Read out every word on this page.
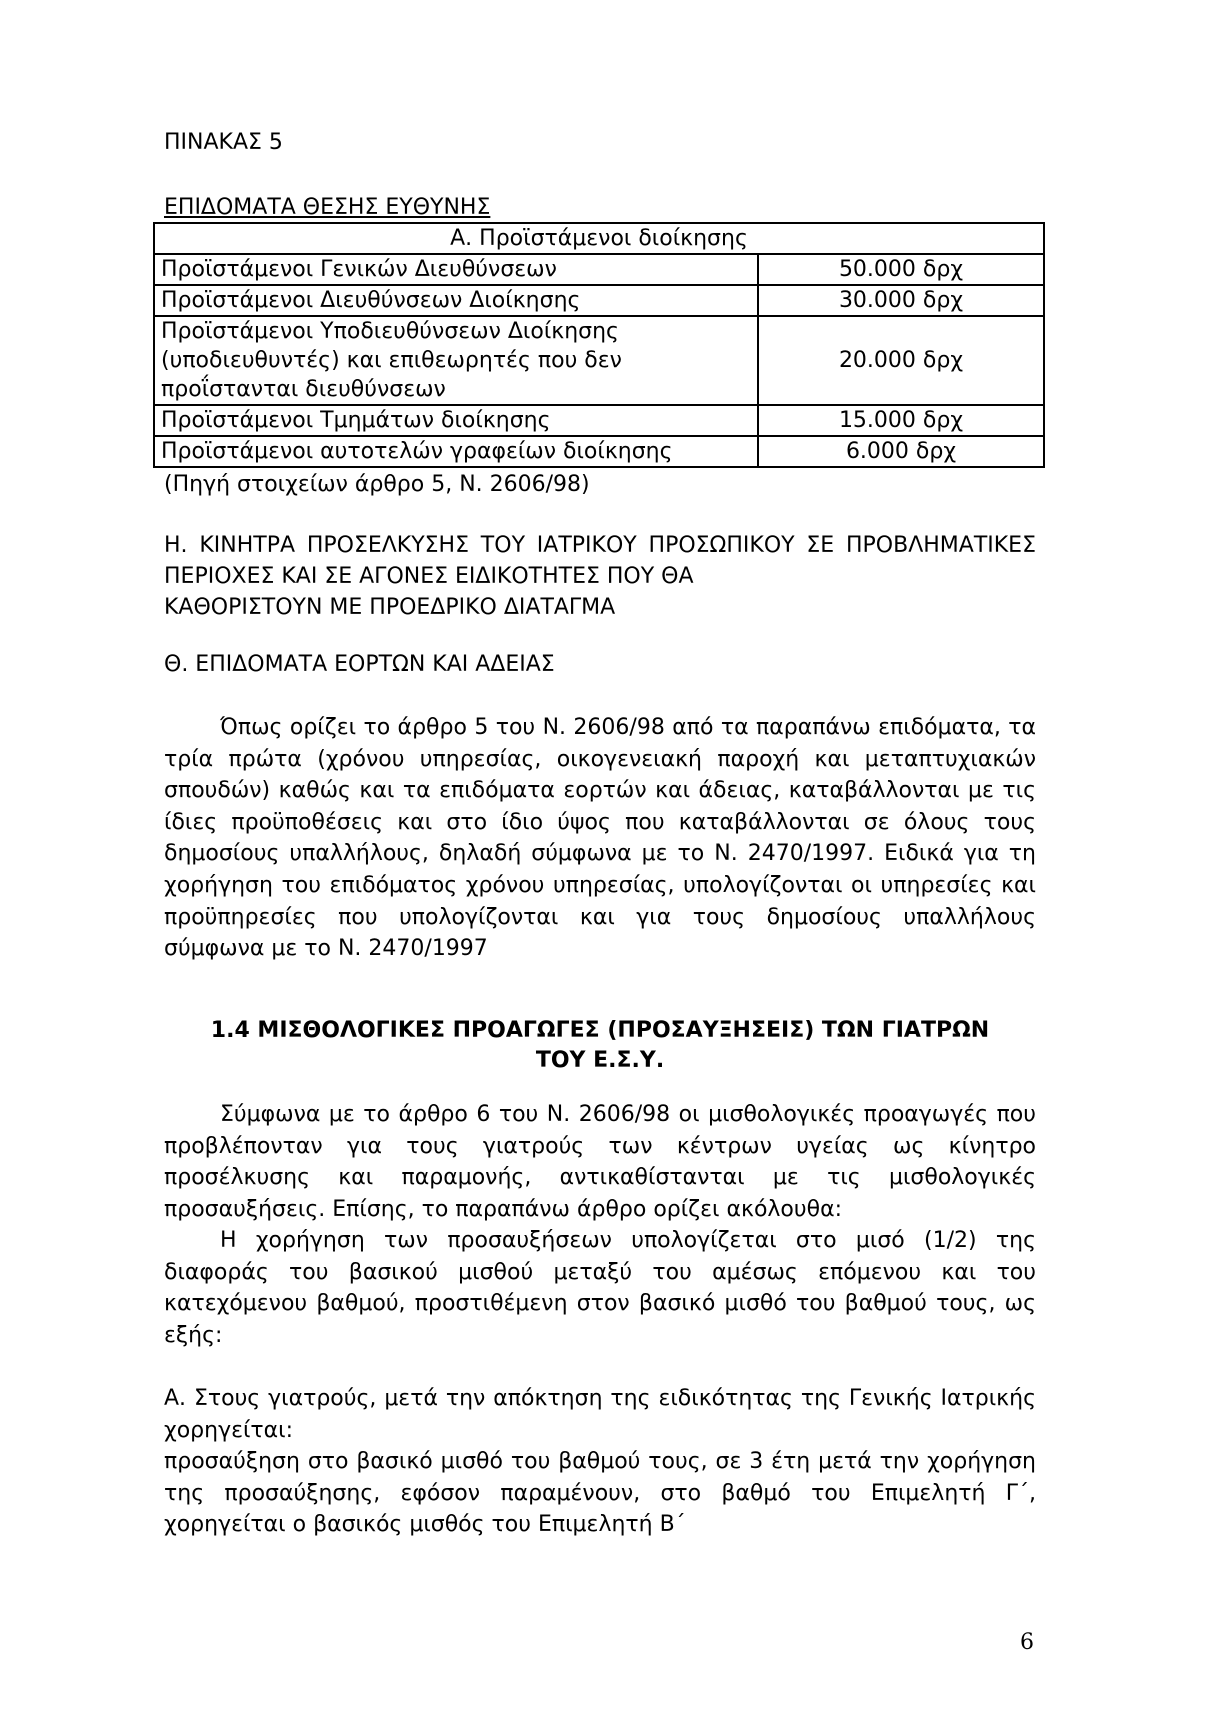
ΠΙΝΑΚΑΣ 5
ΕΠΙΔΟΜΑΤΑ ΘΕΣΗΣ ΕΥΘΥΝΗΣ
Α. Προϊστάμενοι διοίκησης	
Προϊστάμενοι Γενικών Διευθύνσεων	50.000 δρχ
Προϊστάμενοι Διευθύνσεων Διοίκησης	30.000 δρχ
Προϊστάμενοι Υποδιευθύνσεων Διοίκησης (υποδιευθυντές) και επιθεωρητές που δεν προΐστανται διευθύνσεων	20.000 δρχ
Προϊστάμενοι Τμημάτων διοίκησης	15.000 δρχ
Προϊστάμενοι αυτοτελών γραφείων διοίκησης	6.000 δρχ
(Πηγή στοιχείων άρθρο 5, Ν. 2606/98)
Η. ΚΙΝΗΤΡΑ ΠΡΟΣΕΛΚΥΣΗΣ ΤΟΥ ΙΑΤΡΙΚΟΥ ΠΡΟΣΩΠΙΚΟΥ ΣΕ ΠΡΟΒΛΗΜΑΤΙΚΕΣ ΠΕΡΙΟΧΕΣ ΚΑΙ ΣΕ ΑΓΟΝΕΣ ΕΙΔΙΚΟΤΗΤΕΣ ΠΟΥ ΘΑ
ΚΑΘΟΡΙΣΤΟΥΝ ΜΕ ΠΡΟΕΔΡΙΚΟ ΔΙΑΤΑΓΜΑ
Θ. ΕΠΙΔΟΜΑΤΑ ΕΟΡΤΩΝ ΚΑΙ ΑΔΕΙΑΣ
Όπως ορίζει το άρθρο 5 του Ν. 2606/98 από τα παραπάνω επιδόματα, τα τρία πρώτα (χρόνου υπηρεσίας, οικογενειακή παροχή και μεταπτυχιακών σπουδών) καθώς και τα επιδόματα εορτών και άδειας, καταβάλλονται με τις ίδιες προϋποθέσεις και στο ίδιο ύψος που καταβάλλονται σε όλους τους δημοσίους υπαλλήλους, δηλαδή σύμφωνα με το Ν. 2470/1997. Ειδικά για τη χορήγηση του επιδόματος χρόνου υπηρεσίας, υπολογίζονται οι υπηρεσίες και προϋπηρεσίες που υπολογίζονται και για τους δημοσίους υπαλλήλους σύμφωνα με το Ν. 2470/1997
1.4 ΜΙΣΘΟΛΟΓΙΚΕΣ ΠΡΟΑΓΩΓΕΣ (ΠΡΟΣΑΥΞΗΣΕΙΣ) ΤΩΝ ΓΙΑΤΡΩΝ
ΤΟΥ Ε.Σ.Υ.
Σύμφωνα με το άρθρο 6 του Ν. 2606/98 οι μισθολογικές προαγωγές που προβλέπονταν για τους γιατρούς των κέντρων υγείας ως κίνητρο προσέλκυσης και παραμονής, αντικαθίστανται με τις μισθολογικές προσαυξήσεις. Επίσης, το παραπάνω άρθρο ορίζει ακόλουθα:
Η χορήγηση των προσαυξήσεων υπολογίζεται στο μισό (1/2) της διαφοράς του βασικού μισθού μεταξύ του αμέσως επόμενου και του κατεχόμενου βαθμού, προστιθέμενη στον βασικό μισθό του βαθμού τους, ως εξής:
Α. Στους γιατρούς, μετά την απόκτηση της ειδικότητας της Γενικής Ιατρικής χορηγείται:
προσαύξηση στο βασικό μισθό του βαθμού τους, σε 3 έτη μετά την χορήγηση της προσαύξησης, εφόσον παραμένουν, στο βαθμό του Επιμελητή Γ΄, χορηγείται ο βασικός μισθός του Επιμελητή Β΄
6
